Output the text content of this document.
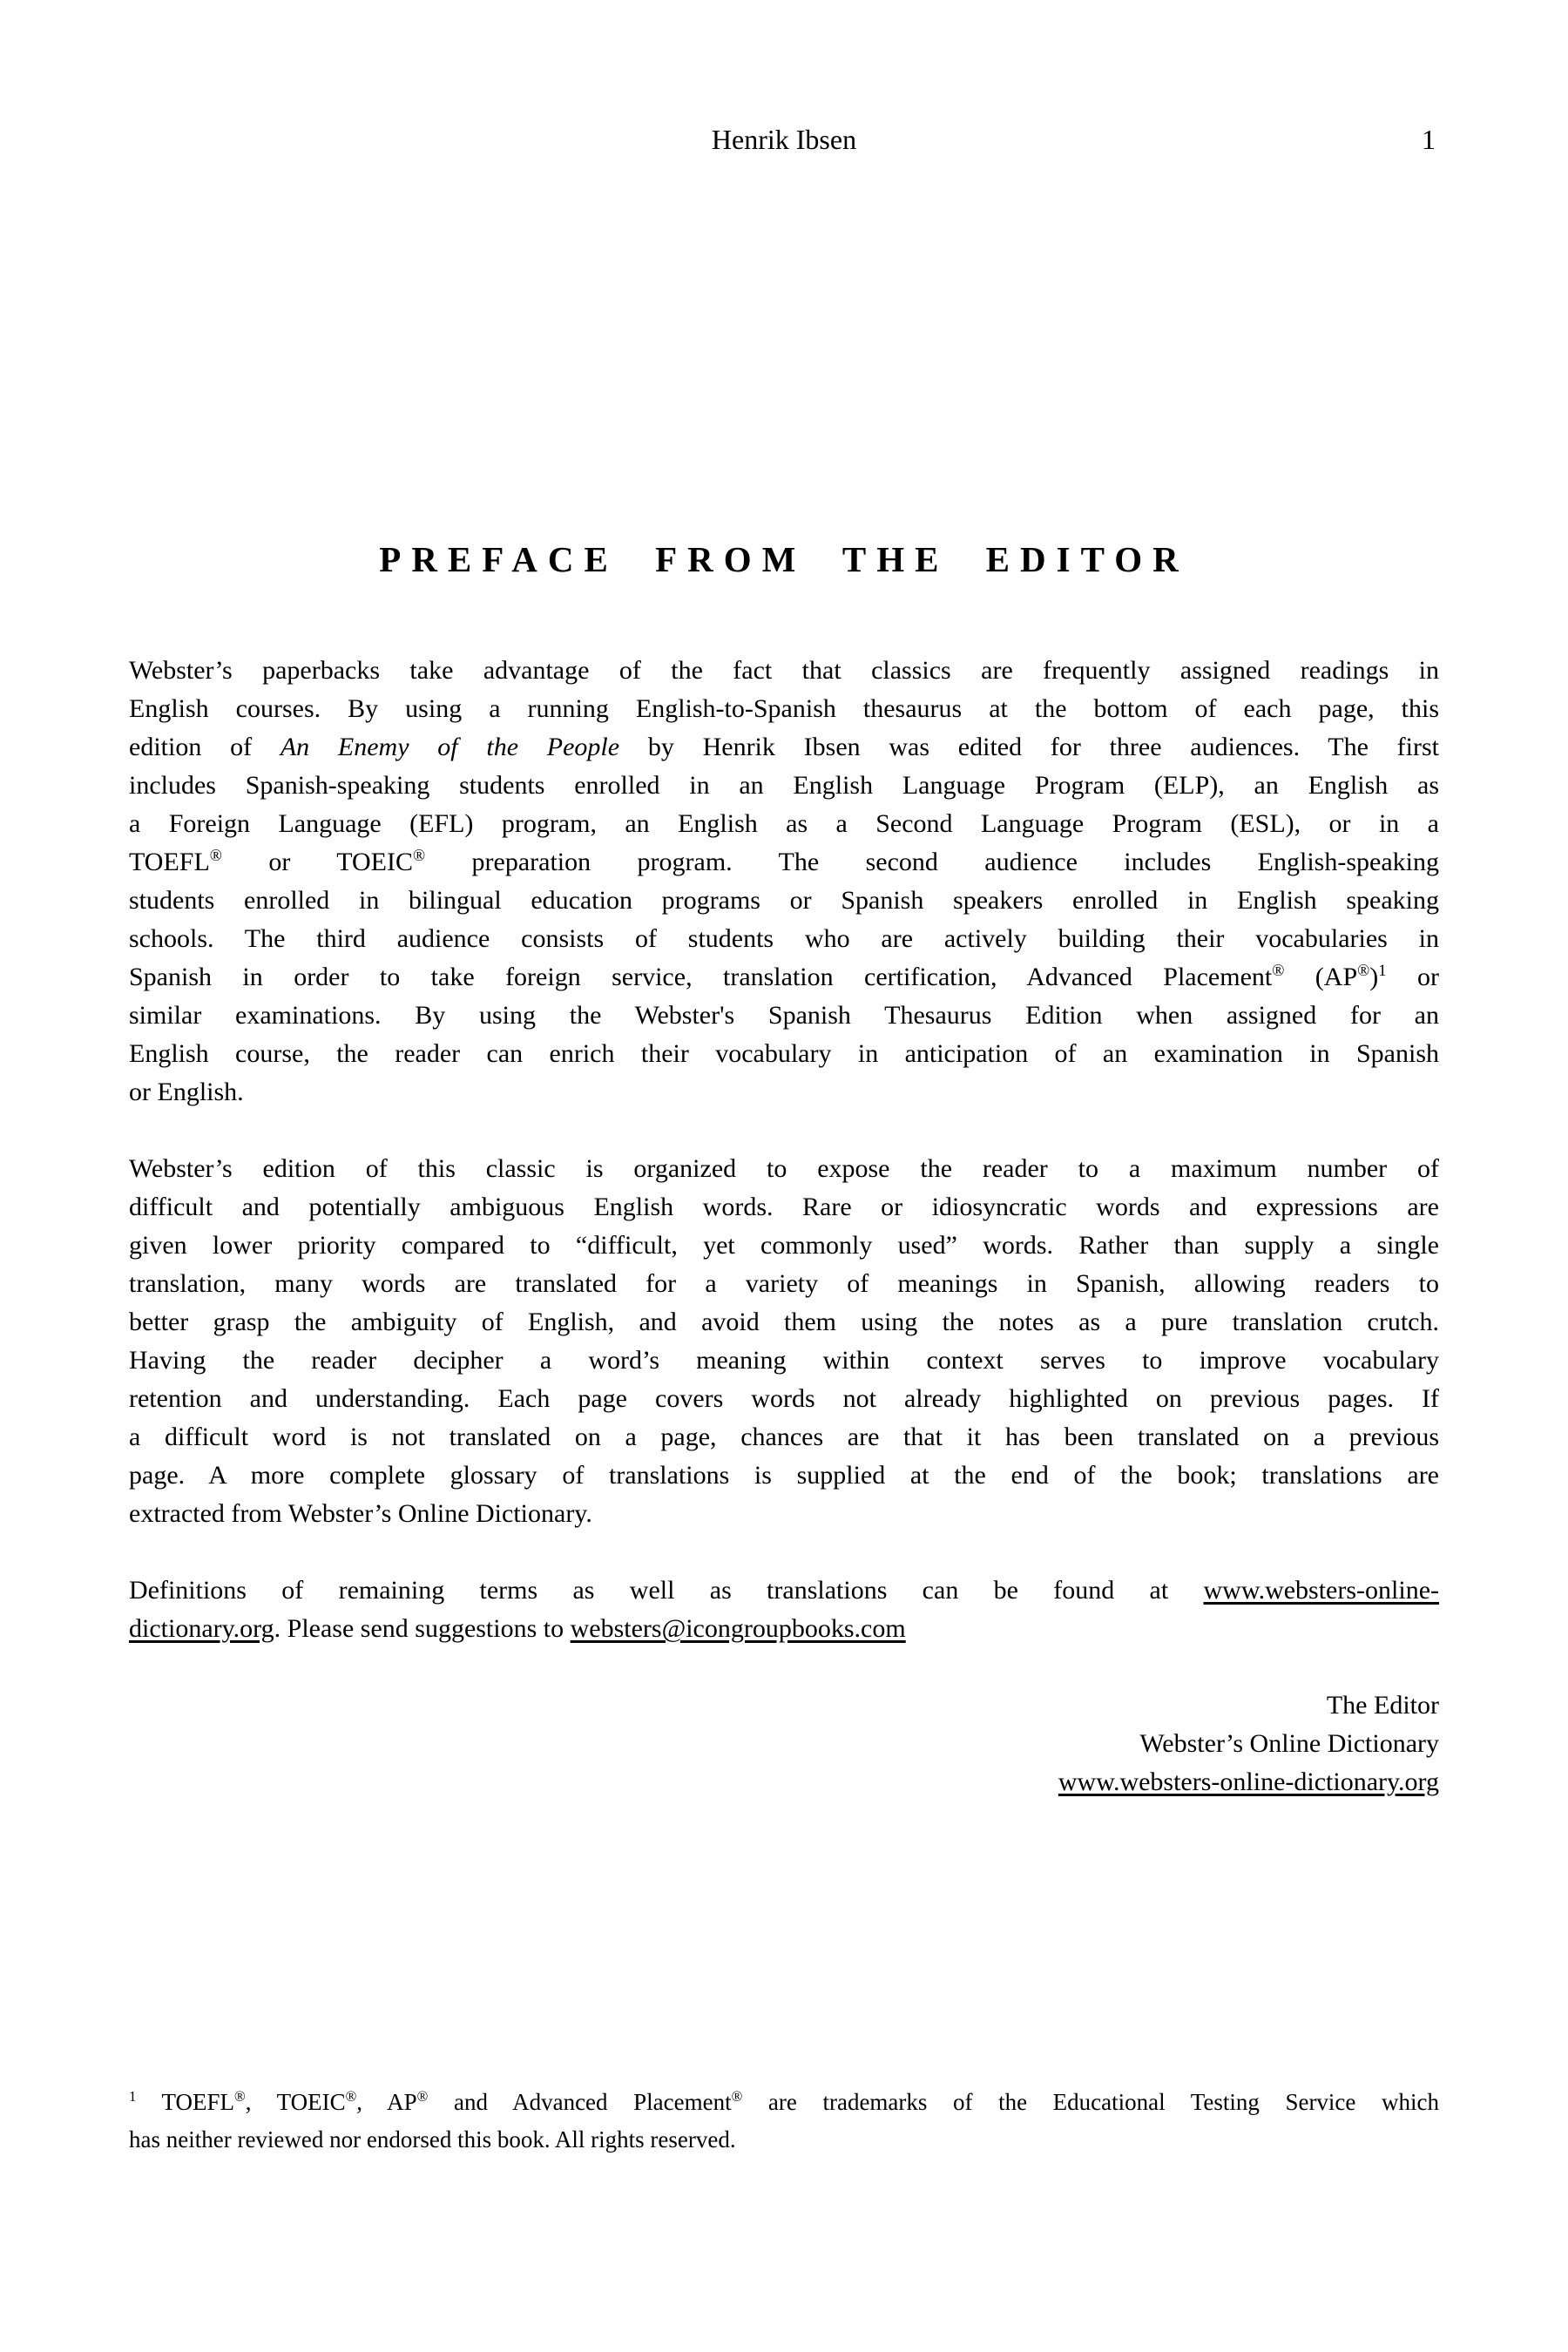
Henrik Ibsen	1
PREFACE FROM THE EDITOR
Webster’s paperbacks take advantage of the fact that classics are frequently assigned readings in
English courses. By using a running English-to-Spanish thesaurus at the bottom of each page, this
edition of An Enemy of the People by Henrik Ibsen was edited for three audiences. The first
includes Spanish-speaking students enrolled in an English Language Program (ELP), an English as
a Foreign Language (EFL) program, an English as a Second Language Program (ESL), or in a
TOEFL® or TOEIC® preparation program. The second audience includes English-speaking
students enrolled in bilingual education programs or Spanish speakers enrolled in English speaking
schools. The third audience consists of students who are actively building their vocabularies in
Spanish in order to take foreign service, translation certification, Advanced Placement® $(AP®)^1$ or
similar examinations. By using the Webster's Spanish Thesaurus Edition when assigned for an
English course, the reader can enrich their vocabulary in anticipation of an examination in Spanish
or English.
Webster’s edition of this classic is organized to expose the reader to a maximum number of
difficult and potentially ambiguous English words. Rare or idiosyncratic words and expressions are
given lower priority compared to “difficult, yet commonly used” words. Rather than supply a single
translation, many words are translated for a variety of meanings in Spanish, allowing readers to
better grasp the ambiguity of English, and avoid them using the notes as a pure translation crutch.
Having the reader decipher a word’s meaning within context serves to improve vocabulary
retention and understanding. Each page covers words not already highlighted on previous pages. If
a difficult word is not translated on a page, chances are that it has been translated on a previous
page. A more complete glossary of translations is supplied at the end of the book; translations are
extracted from Webster’s Online Dictionary.
Definitions of remaining terms as well as translations can be found at www.websters-online-
dictionary.org. Please send suggestions to websters@icongroupbooks.com
The Editor
Webster’s Online Dictionary
www.websters-online-dictionary.org
$^1$ TOEFL®, TOEIC®, AP® and Advanced Placement® are trademarks of the Educational Testing Service which
has neither reviewed nor endorsed this book. All rights reserved.
